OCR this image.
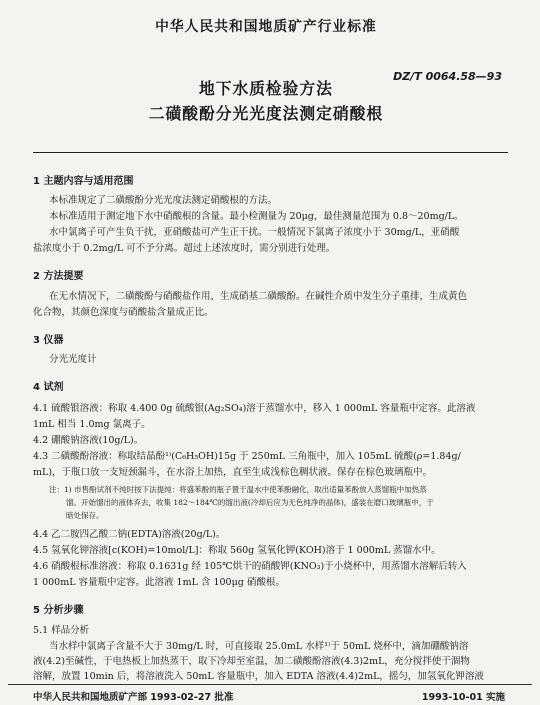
中华人民共和国地质矿产行业标准
DZ/T 0064.58—93
地下水质检验方法
二磺酸酚分光光度法测定硝酸根
1 主题内容与适用范围
本标准规定了二磺酸酚分光光度法测定硝酸根的方法。
本标准适用于测定地下水中硝酸根的含量。最小检测量为 20μg，最佳测量范围为 0.8～20mg/L。
水中氯离子可产生负干扰，亚硝酸盐可产生正干扰。一般情况下氯离子浓度小于 30mg/L，亚硝酸
盐浓度小于 0.2mg/L 可不予分离。超过上述浓度时，需分别进行处理。
2 方法提要
在无水情况下，二磺酸酚与硝酸盐作用，生成硝基二磺酸酚。在碱性介质中发生分子重排，生成黄色
化合物，其颜色深度与硝酸盐含量成正比。
3 仪器
分光光度计
4 试剂
4.1 硫酸银溶液：称取 4.400 0g 硫酸银(Ag₂SO₄)溶于蒸馏水中，移入 1 000mL 容量瓶中定容。此溶液
1mL 相当 1.0mg 氯离子。
4.2 硼酸钠溶液(10g/L)。
4.3 二磺酸酚溶液：称取结晶酚¹⁾(C₆H₅OH)15g 于 250mL 三角瓶中，加入 105mL 硫酸(ρ=1.84g/
mL)，于瓶口放一支短颈漏斗，在水浴上加热，直至生成浅棕色稠状液。保存在棕色玻璃瓶中。
注：1) 市售酚试剂不纯时按下法提纯：将盛苯酚的瓶子置于温水中使苯酚融化，取出适量苯酚放入蒸馏瓶中加热蒸
馏。开始馏出的液体弃去，收集 182～184℃的馏出液(冷却后应为无色纯净的晶体)，盛装在磨口玻璃瓶中，于
暗处保存。
4.4 乙二胺四乙酸二钠(EDTA)溶液(20g/L)。
4.5 氢氧化钾溶液[c(KOH)=10mol/L]：称取 560g 氢氧化钾(KOH)溶于 1 000mL 蒸馏水中。
4.6 硝酸根标准溶液：称取 0.1631g 经 105℃烘干的硝酸钾(KNO₃)于小烧杯中，用蒸馏水溶解后转入
1 000mL 容量瓶中定容。此溶液 1mL 含 100μg 硝酸根。
5 分析步骤
5.1 样品分析
当水样中氯离子含量不大于 30mg/L 时，可直接取 25.0mL 水样¹⁾于 50mL 烧杯中，滴加硼酸钠溶
液(4.2)至碱性，于电热板上加热蒸干，取下冷却至室温，加二磺酸酚溶液(4.3)2mL，充分搅拌使干涸物
溶解，放置 10min 后，将溶液洗入 50mL 容量瓶中，加入 EDTA 溶液(4.4)2mL，摇匀，加氢氧化钾溶液
中华人民共和国地质矿产部 1993-02-27 批准	1993-10-01 实施
